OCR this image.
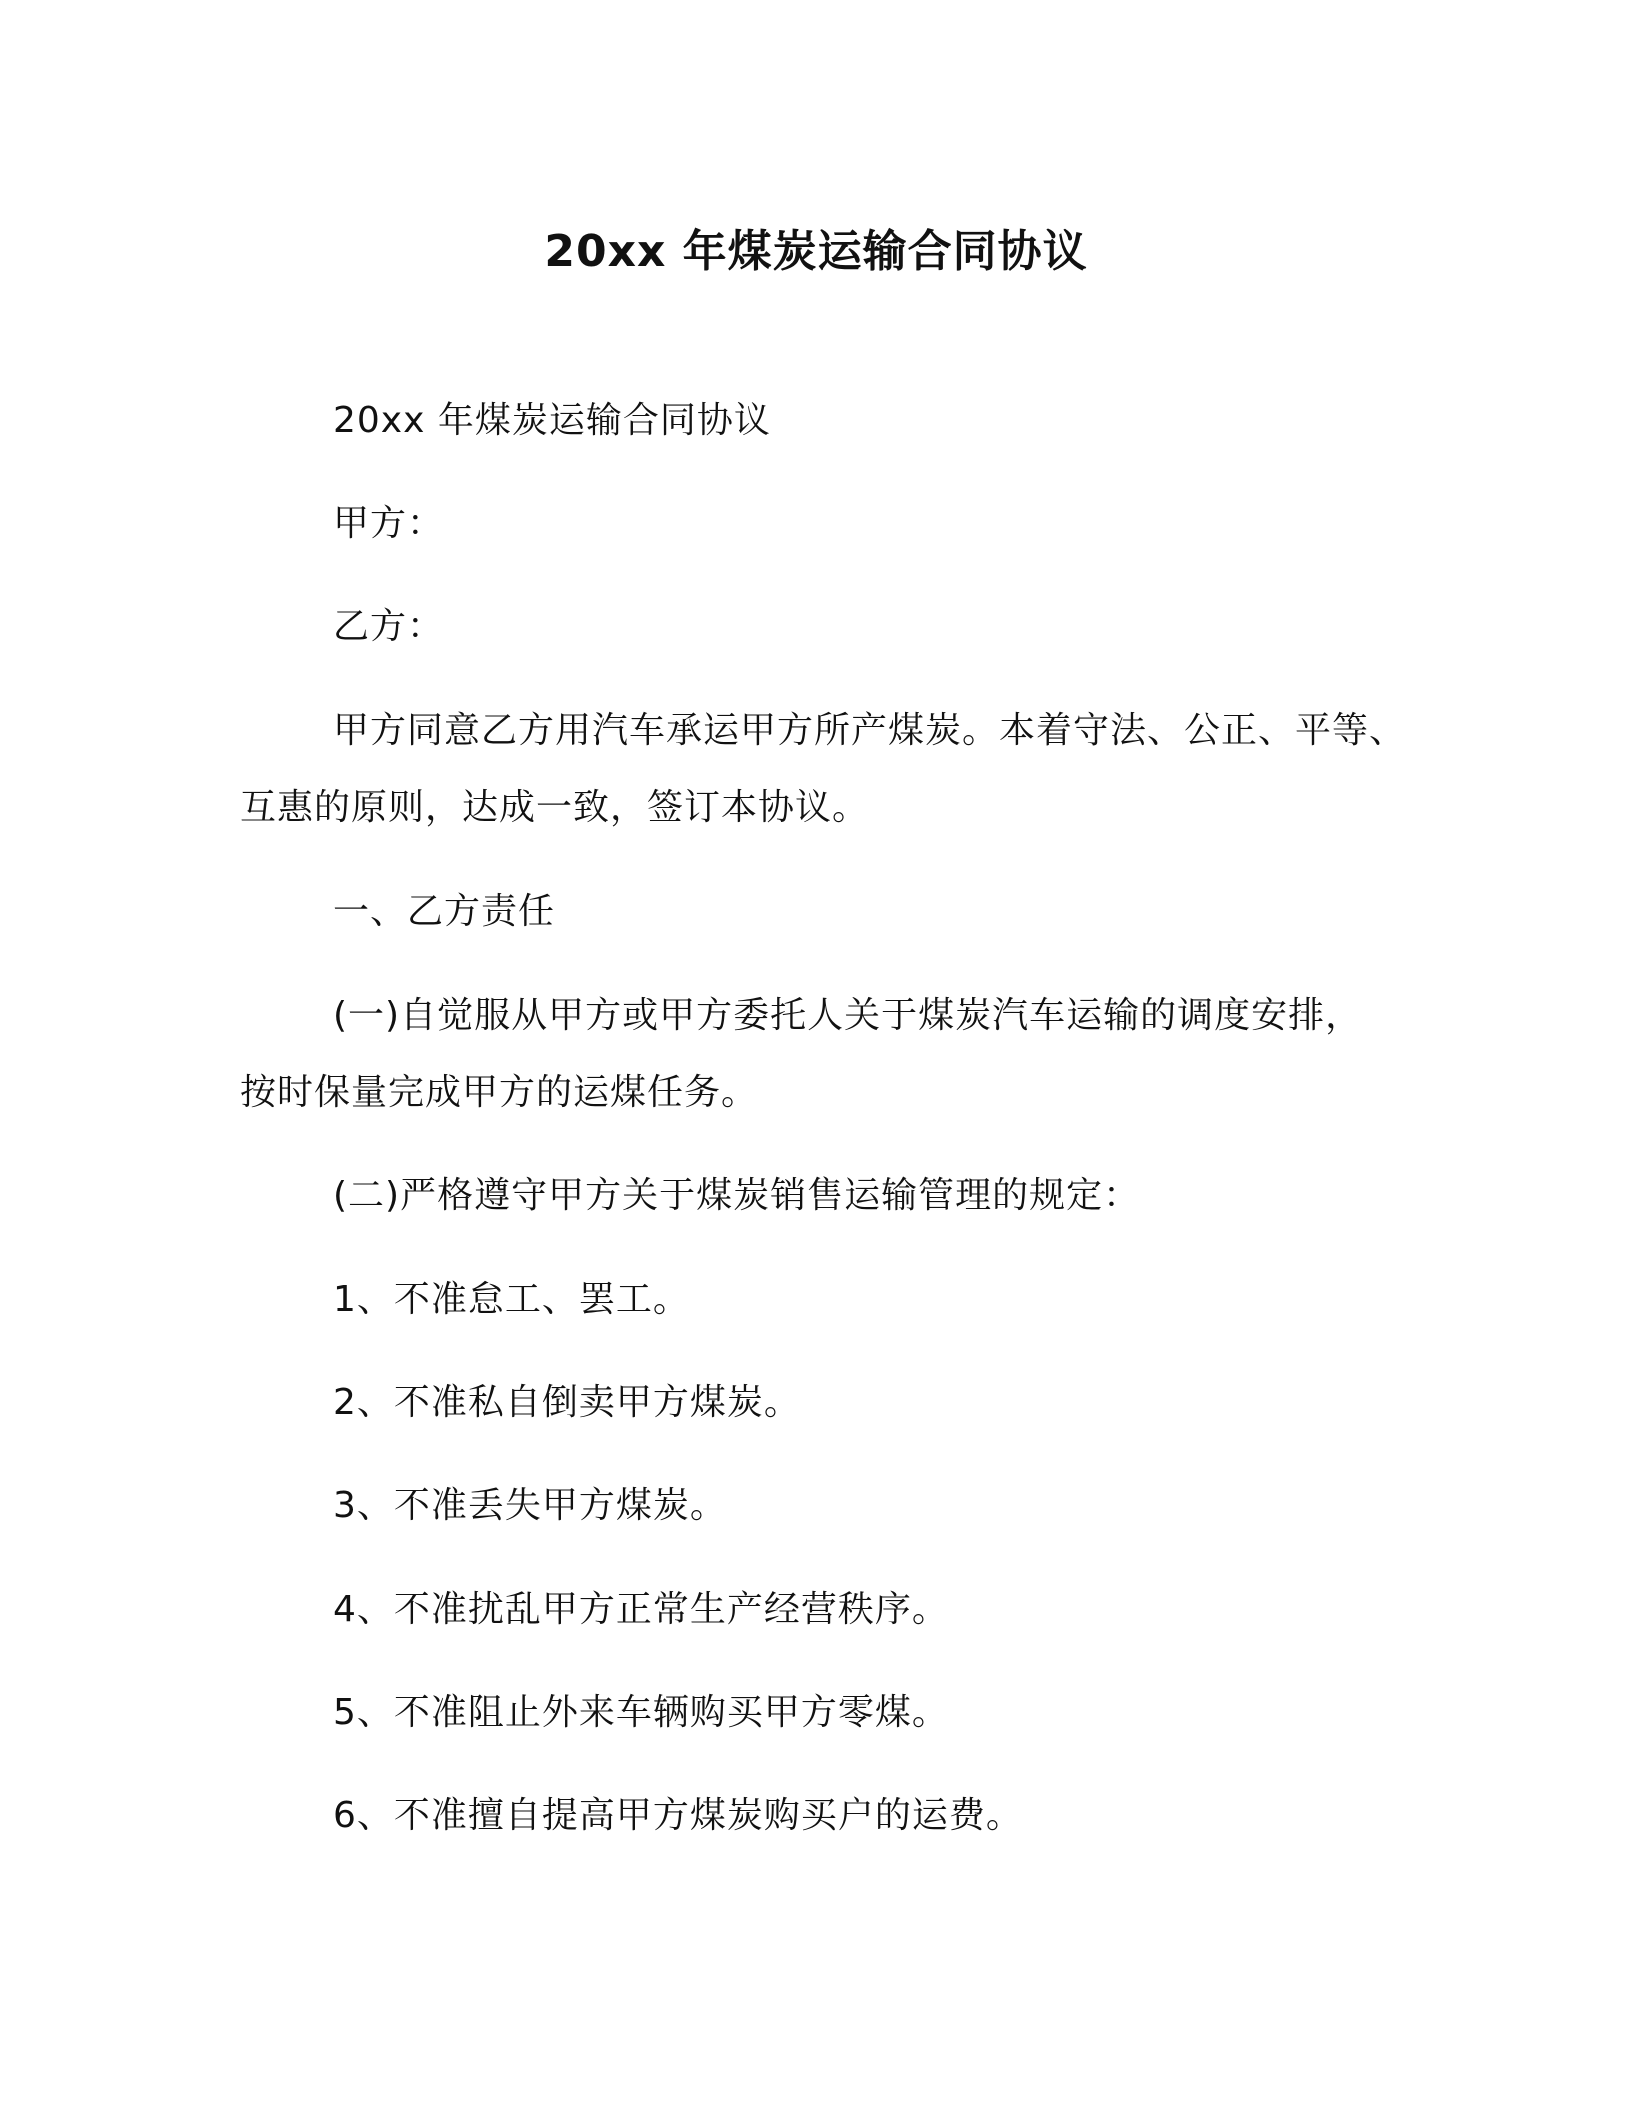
20xx 年煤炭运输合同协议
20xx 年煤炭运输合同协议
甲方：
乙方：
甲方同意乙方用汽车承运甲方所产煤炭。本着守法、公正、平等、
互惠的原则，达成一致，签订本协议。
一、乙方责任
(一)自觉服从甲方或甲方委托人关于煤炭汽车运输的调度安排，
按时保量完成甲方的运煤任务。
(二)严格遵守甲方关于煤炭销售运输管理的规定：
1、不准怠工、罢工。
2、不准私自倒卖甲方煤炭。
3、不准丢失甲方煤炭。
4、不准扰乱甲方正常生产经营秩序。
5、不准阻止外来车辆购买甲方零煤。
6、不准擅自提高甲方煤炭购买户的运费。
